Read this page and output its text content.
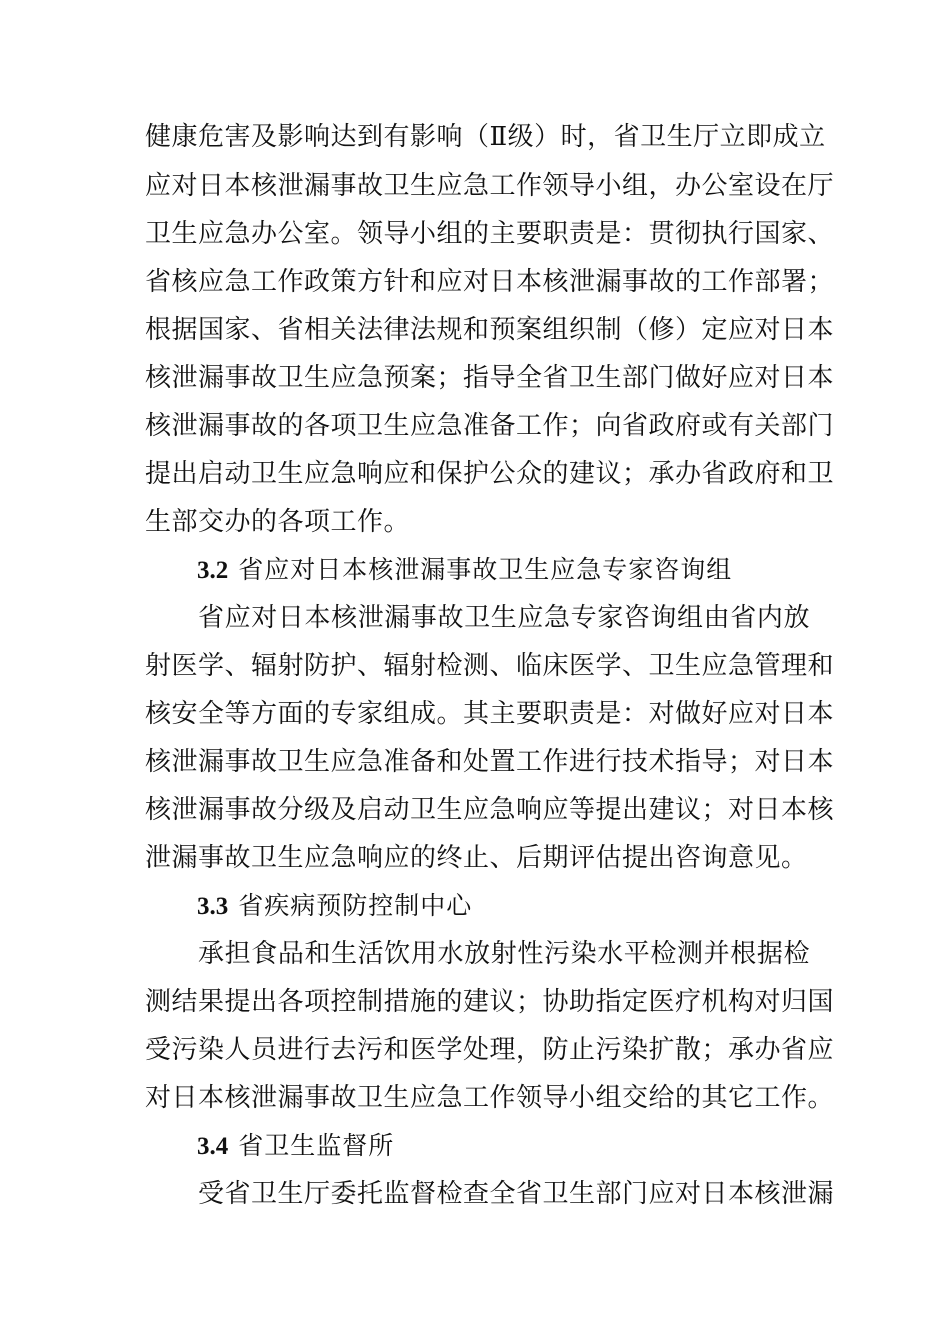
健康危害及影响达到有影响（Ⅱ级）时，省卫生厅立即成立
应对日本核泄漏事故卫生应急工作领导小组，办公室设在厅
卫生应急办公室。领导小组的主要职责是：贯彻执行国家、
省核应急工作政策方针和应对日本核泄漏事故的工作部署；
根据国家、省相关法律法规和预案组织制（修）定应对日本
核泄漏事故卫生应急预案；指导全省卫生部门做好应对日本
核泄漏事故的各项卫生应急准备工作；向省政府或有关部门
提出启动卫生应急响应和保护公众的建议；承办省政府和卫
生部交办的各项工作。
3.2 省应对日本核泄漏事故卫生应急专家咨询组
省应对日本核泄漏事故卫生应急专家咨询组由省内放
射医学、辐射防护、辐射检测、临床医学、卫生应急管理和
核安全等方面的专家组成。其主要职责是：对做好应对日本
核泄漏事故卫生应急准备和处置工作进行技术指导；对日本
核泄漏事故分级及启动卫生应急响应等提出建议；对日本核
泄漏事故卫生应急响应的终止、后期评估提出咨询意见。
3.3 省疾病预防控制中心
承担食品和生活饮用水放射性污染水平检测并根据检
测结果提出各项控制措施的建议；协助指定医疗机构对归国
受污染人员进行去污和医学处理，防止污染扩散；承办省应
对日本核泄漏事故卫生应急工作领导小组交给的其它工作。
3.4 省卫生监督所
受省卫生厅委托监督检查全省卫生部门应对日本核泄漏
